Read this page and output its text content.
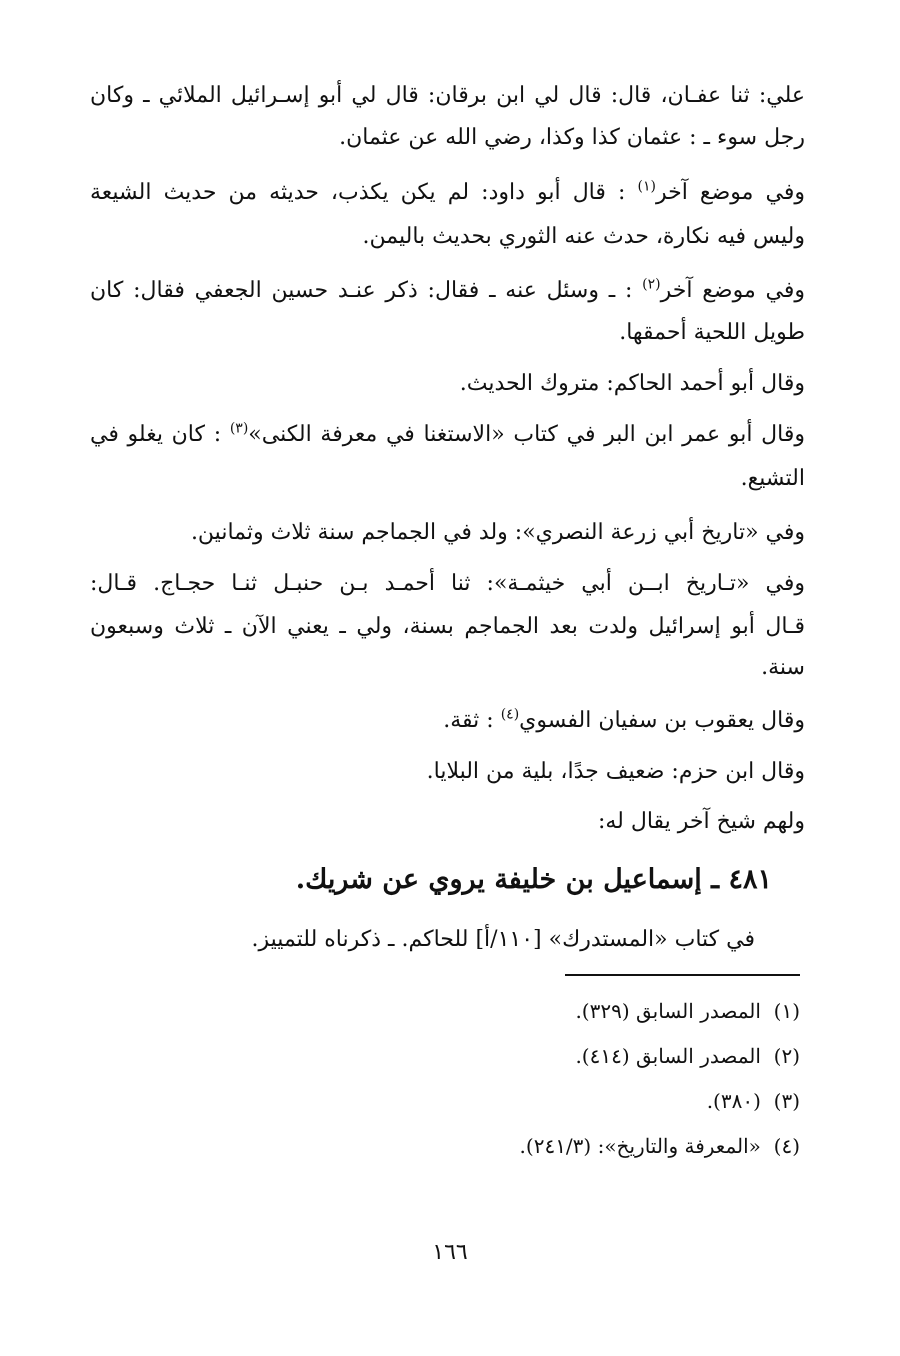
علي: ثنا عفـان، قال: قال لي ابن برقان: قال لي أبو إسـرائيل الملائي ـ وكان
رجل سوء ـ : عثمان كذا وكذا، رضي الله عن عثمان.
وفي موضع آخر$^{(١)}$ : قال أبو داود: لم يكن يكذب، حديثه من حديث الشيعة
وليس فيه نكارة، حدث عنه الثوري بحديث باليمن.
وفي موضع آخر$^{(٢)}$ : ـ وسئل عنه ـ فقال: ذكر عنـد حسين الجعفي فقال: كان
طويل اللحية أحمقها.
وقال أبو أحمد الحاكم: متروك الحديث.
وقال أبو عمر ابن البر في كتاب «الاستغنا في معرفة الكنى»$^{(٣)}$ : كان يغلو في
التشيع.
وفي «تاريخ أبي زرعة النصري»: ولد في الجماجم سنة ثلاث وثمانين.
وفي «تـاريخ ابــن أبي خيثمـة»: ثنا أحمـد بـن حنبـل ثنـا حجـاج. قـال:
قـال أبو إسرائيل ولدت بعد الجماجم بسنة، ولي ـ يعني الآن ـ ثلاث وسبعون
سنة.
وقال يعقوب بن سفيان الفسوي$^{(٤)}$ : ثقة.
وقال ابن حزم: ضعيف جدًا، بلية من البلايا.
ولهم شيخ آخر يقال له:
٤٨١ ـ إسماعيل بن خليفة يروي عن شريك.
في كتاب «المستدرك» [١١٠/أ] للحاكم. ـ ذكرناه للتمييز.
(١)  المصدر السابق (٣٢٩).
(٢)  المصدر السابق (٤١٤).
(٣)  (٣٨٠).
(٤)  «المعرفة والتاريخ»: (٢٤١/٣).
١٦٦
